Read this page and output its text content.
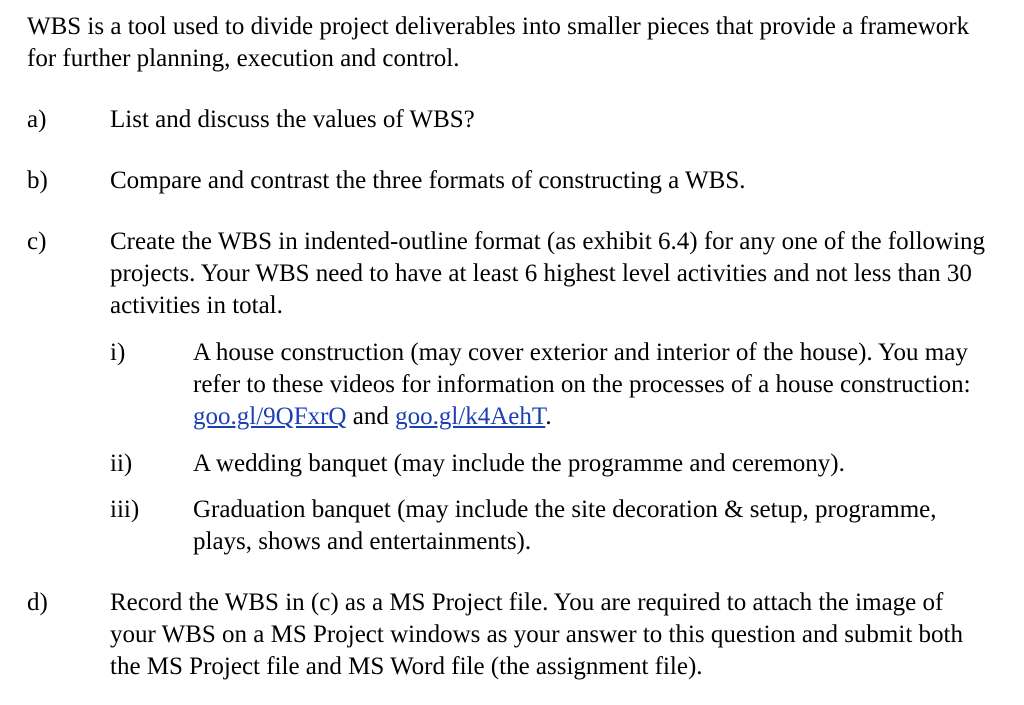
WBS is a tool used to divide project deliverables into smaller pieces that provide a framework for further planning, execution and control.
a)	List and discuss the values of WBS?
b) Compare and contrast the three formats of constructing a WBS.
c)	Create the WBS in indented-outline format (as exhibit 6.4) for any one of the following projects. Your WBS need to have at least 6 highest level activities and not less than 30 activities in total.
i)	A house construction (may cover exterior and interior of the house). You may refer to these videos for information on the processes of a house construction: goo.gl/9QFxrQ and goo.gl/k4AehT.
ii) A wedding banquet (may include the programme and ceremony).
iii) Graduation banquet (may include the site decoration & setup, programme, plays, shows and entertainments).
d) Record the WBS in (c) as a MS Project file. You are required to attach the image of your WBS on a MS Project windows as your answer to this question and submit both the MS Project file and MS Word file (the assignment file).
